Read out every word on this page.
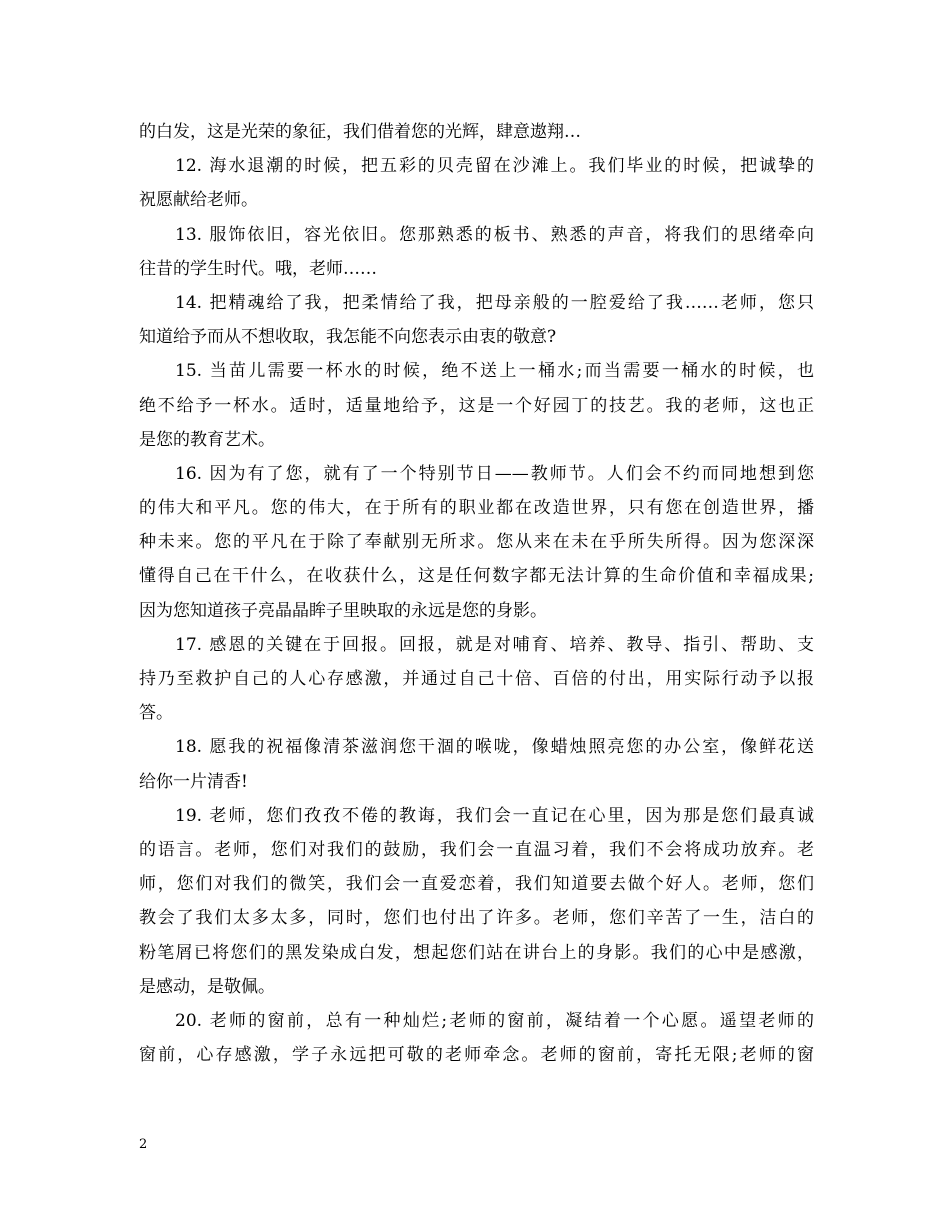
的白发，这是光荣的象征，我们借着您的光辉，肆意遨翔…
12. 海水退潮的时候，把五彩的贝壳留在沙滩上。我们毕业的时候，把诚挚的
祝愿献给老师。
13. 服饰依旧，容光依旧。您那熟悉的板书、熟悉的声音，将我们的思绪牵向
往昔的学生时代。哦，老师……
14. 把精魂给了我，把柔情给了我，把母亲般的一腔爱给了我……老师，您只
知道给予而从不想收取，我怎能不向您表示由衷的敬意?
15. 当苗儿需要一杯水的时候，绝不送上一桶水;而当需要一桶水的时候，也
绝不给予一杯水。适时，适量地给予，这是一个好园丁的技艺。我的老师，这也正
是您的教育艺术。
16. 因为有了您，就有了一个特别节日——教师节。人们会不约而同地想到您
的伟大和平凡。您的伟大，在于所有的职业都在改造世界，只有您在创造世界，播
种未来。您的平凡在于除了奉献别无所求。您从来在未在乎所失所得。因为您深深
懂得自己在干什么，在收获什么，这是任何数字都无法计算的生命价值和幸福成果;
因为您知道孩子亮晶晶眸子里映取的永远是您的身影。
17. 感恩的关键在于回报。回报，就是对哺育、培养、教导、指引、帮助、支
持乃至救护自己的人心存感激，并通过自己十倍、百倍的付出，用实际行动予以报
答。
18. 愿我的祝福像清茶滋润您干涸的喉咙，像蜡烛照亮您的办公室，像鲜花送
给你一片清香!
19. 老师，您们孜孜不倦的教诲，我们会一直记在心里，因为那是您们最真诚
的语言。老师，您们对我们的鼓励，我们会一直温习着，我们不会将成功放弃。老
师，您们对我们的微笑，我们会一直爱恋着，我们知道要去做个好人。老师，您们
教会了我们太多太多，同时，您们也付出了许多。老师，您们辛苦了一生，洁白的
粉笔屑已将您们的黑发染成白发，想起您们站在讲台上的身影。我们的心中是感激，
是感动，是敬佩。
20. 老师的窗前，总有一种灿烂;老师的窗前，凝结着一个心愿。遥望老师的
窗前，心存感激，学子永远把可敬的老师牵念。老师的窗前，寄托无限;老师的窗
2
